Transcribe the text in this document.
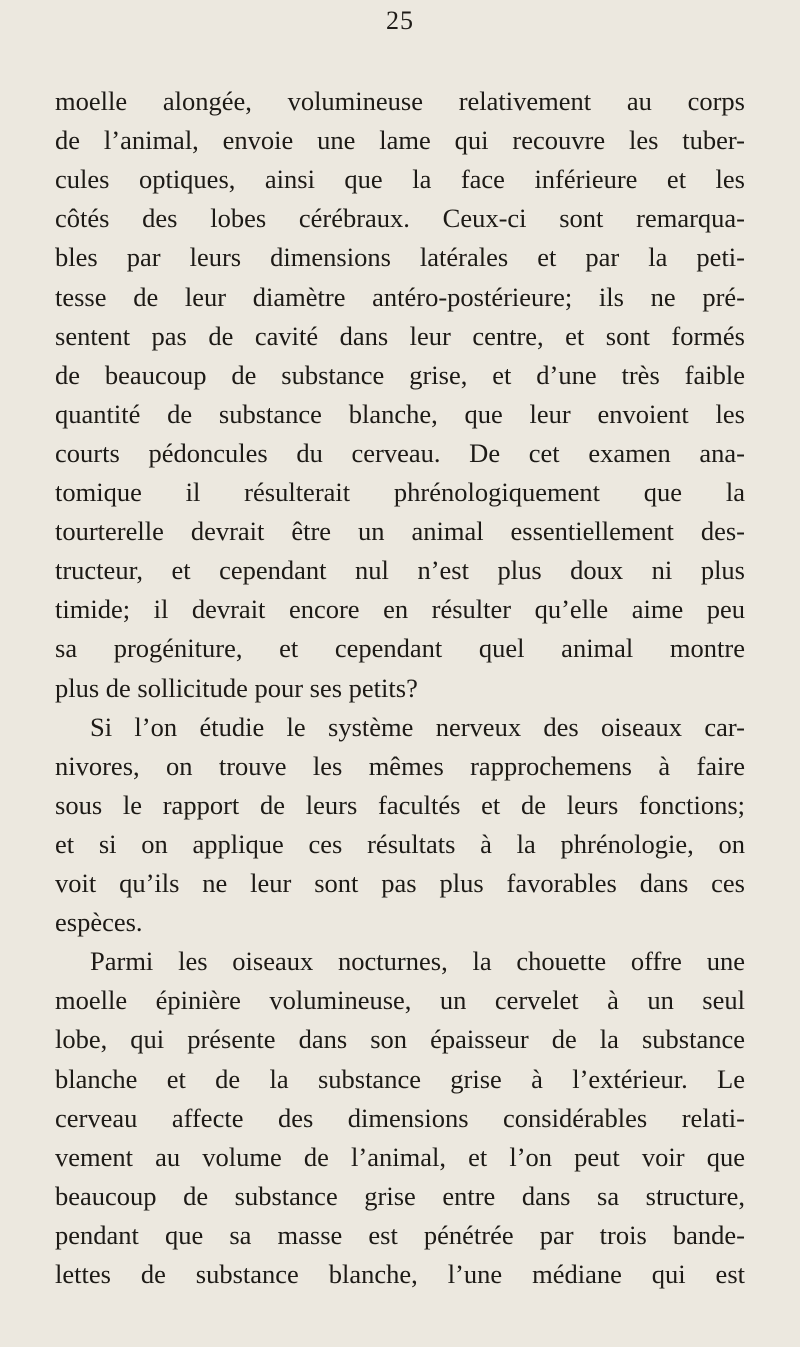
25
moelle alongée, volumineuse relativement au corps
de l’animal, envoie une lame qui recouvre les tuber-
cules optiques, ainsi que la face inférieure et les
côtés des lobes cérébraux. Ceux-ci sont remarqua-
bles par leurs dimensions latérales et par la peti-
tesse de leur diamètre antéro-postérieure; ils ne pré-
sentent pas de cavité dans leur centre, et sont formés
de beaucoup de substance grise, et d’une très faible
quantité de substance blanche, que leur envoient les
courts pédoncules du cerveau. De cet examen ana-
tomique il résulterait phrénologiquement que la
tourterelle devrait être un animal essentiellement des-
tructeur, et cependant nul n’est plus doux ni plus
timide; il devrait encore en résulter qu’elle aime peu
sa progéniture, et cependant quel animal montre
plus de sollicitude pour ses petits?
Si l’on étudie le système nerveux des oiseaux car-
nivores, on trouve les mêmes rapprochemens à faire
sous le rapport de leurs facultés et de leurs fonctions;
et si on applique ces résultats à la phrénologie, on
voit qu’ils ne leur sont pas plus favorables dans ces
espèces.
Parmi les oiseaux nocturnes, la chouette offre une
moelle épinière volumineuse, un cervelet à un seul
lobe, qui présente dans son épaisseur de la substance
blanche et de la substance grise à l’extérieur. Le
cerveau affecte des dimensions considérables relati-
vement au volume de l’animal, et l’on peut voir que
beaucoup de substance grise entre dans sa structure,
pendant que sa masse est pénétrée par trois bande-
lettes de substance blanche, l’une médiane qui est
